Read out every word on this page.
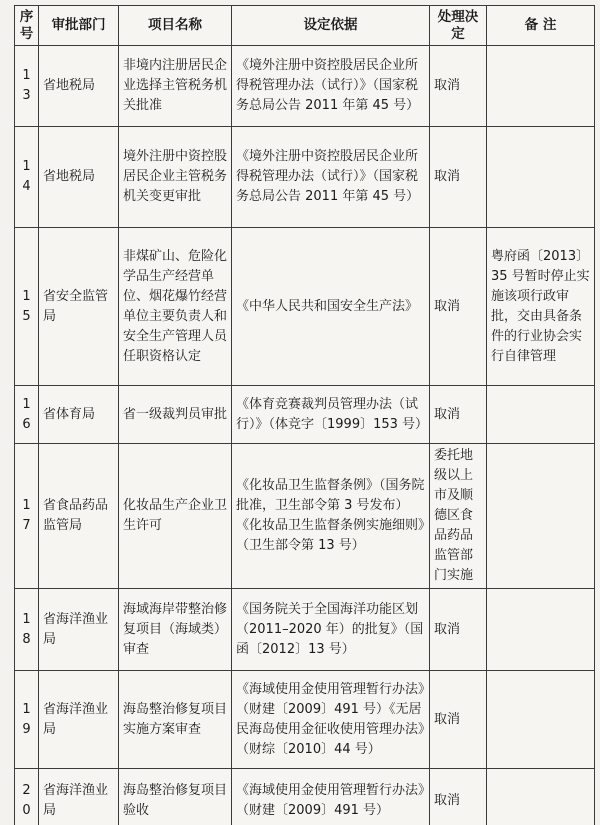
序
号	审批部门	项目名称	设定依据	处理决定	备 注
13	省地税局	非境内注册居民企业选择主管税务机关批准	《境外注册中资控股居民企业所得税管理办法（试行）》（国家税务总局公告 2011 年第 45 号）	取消	
14	省地税局	境外注册中资控股居民企业主管税务机关变更审批	《境外注册中资控股居民企业所得税管理办法（试行）》（国家税务总局公告 2011 年第 45 号）	取消	
15	省安全监管局	非煤矿山、危险化学品生产经营单位、烟花爆竹经营单位主要负责人和安全生产管理人员任职资格认定	《中华人民共和国安全生产法》	取消	粤府函〔2013〕35 号暂时停止实施该项行政审批，交由具备条件的行业协会实行自律管理
16	省体育局	省一级裁判员审批	《体育竞赛裁判员管理办法（试行）》（体竞字〔1999〕153 号）	取消	
17	省食品药品监管局	化妆品生产企业卫生许可	《化妆品卫生监督条例》（国务院批准，卫生部令第 3 号发布）《化妆品卫生监督条例实施细则》（卫生部令第 13 号）	委托地级以上市及顺德区食品药品监管部门实施	
18	省海洋渔业局	海域海岸带整治修复项目（海域类）审查	《国务院关于全国海洋功能区划（2011–2020 年）的批复》（国函〔2012〕13 号）	取消	
19	省海洋渔业局	海岛整治修复项目实施方案审查	《海域使用金使用管理暂行办法》（财建〔2009〕491 号）《无居民海岛使用金征收使用管理办法》（财综〔2010〕44 号）	取消	
20	省海洋渔业局	海岛整治修复项目验收	《海域使用金使用管理暂行办法》（财建〔2009〕491 号）	取消	
